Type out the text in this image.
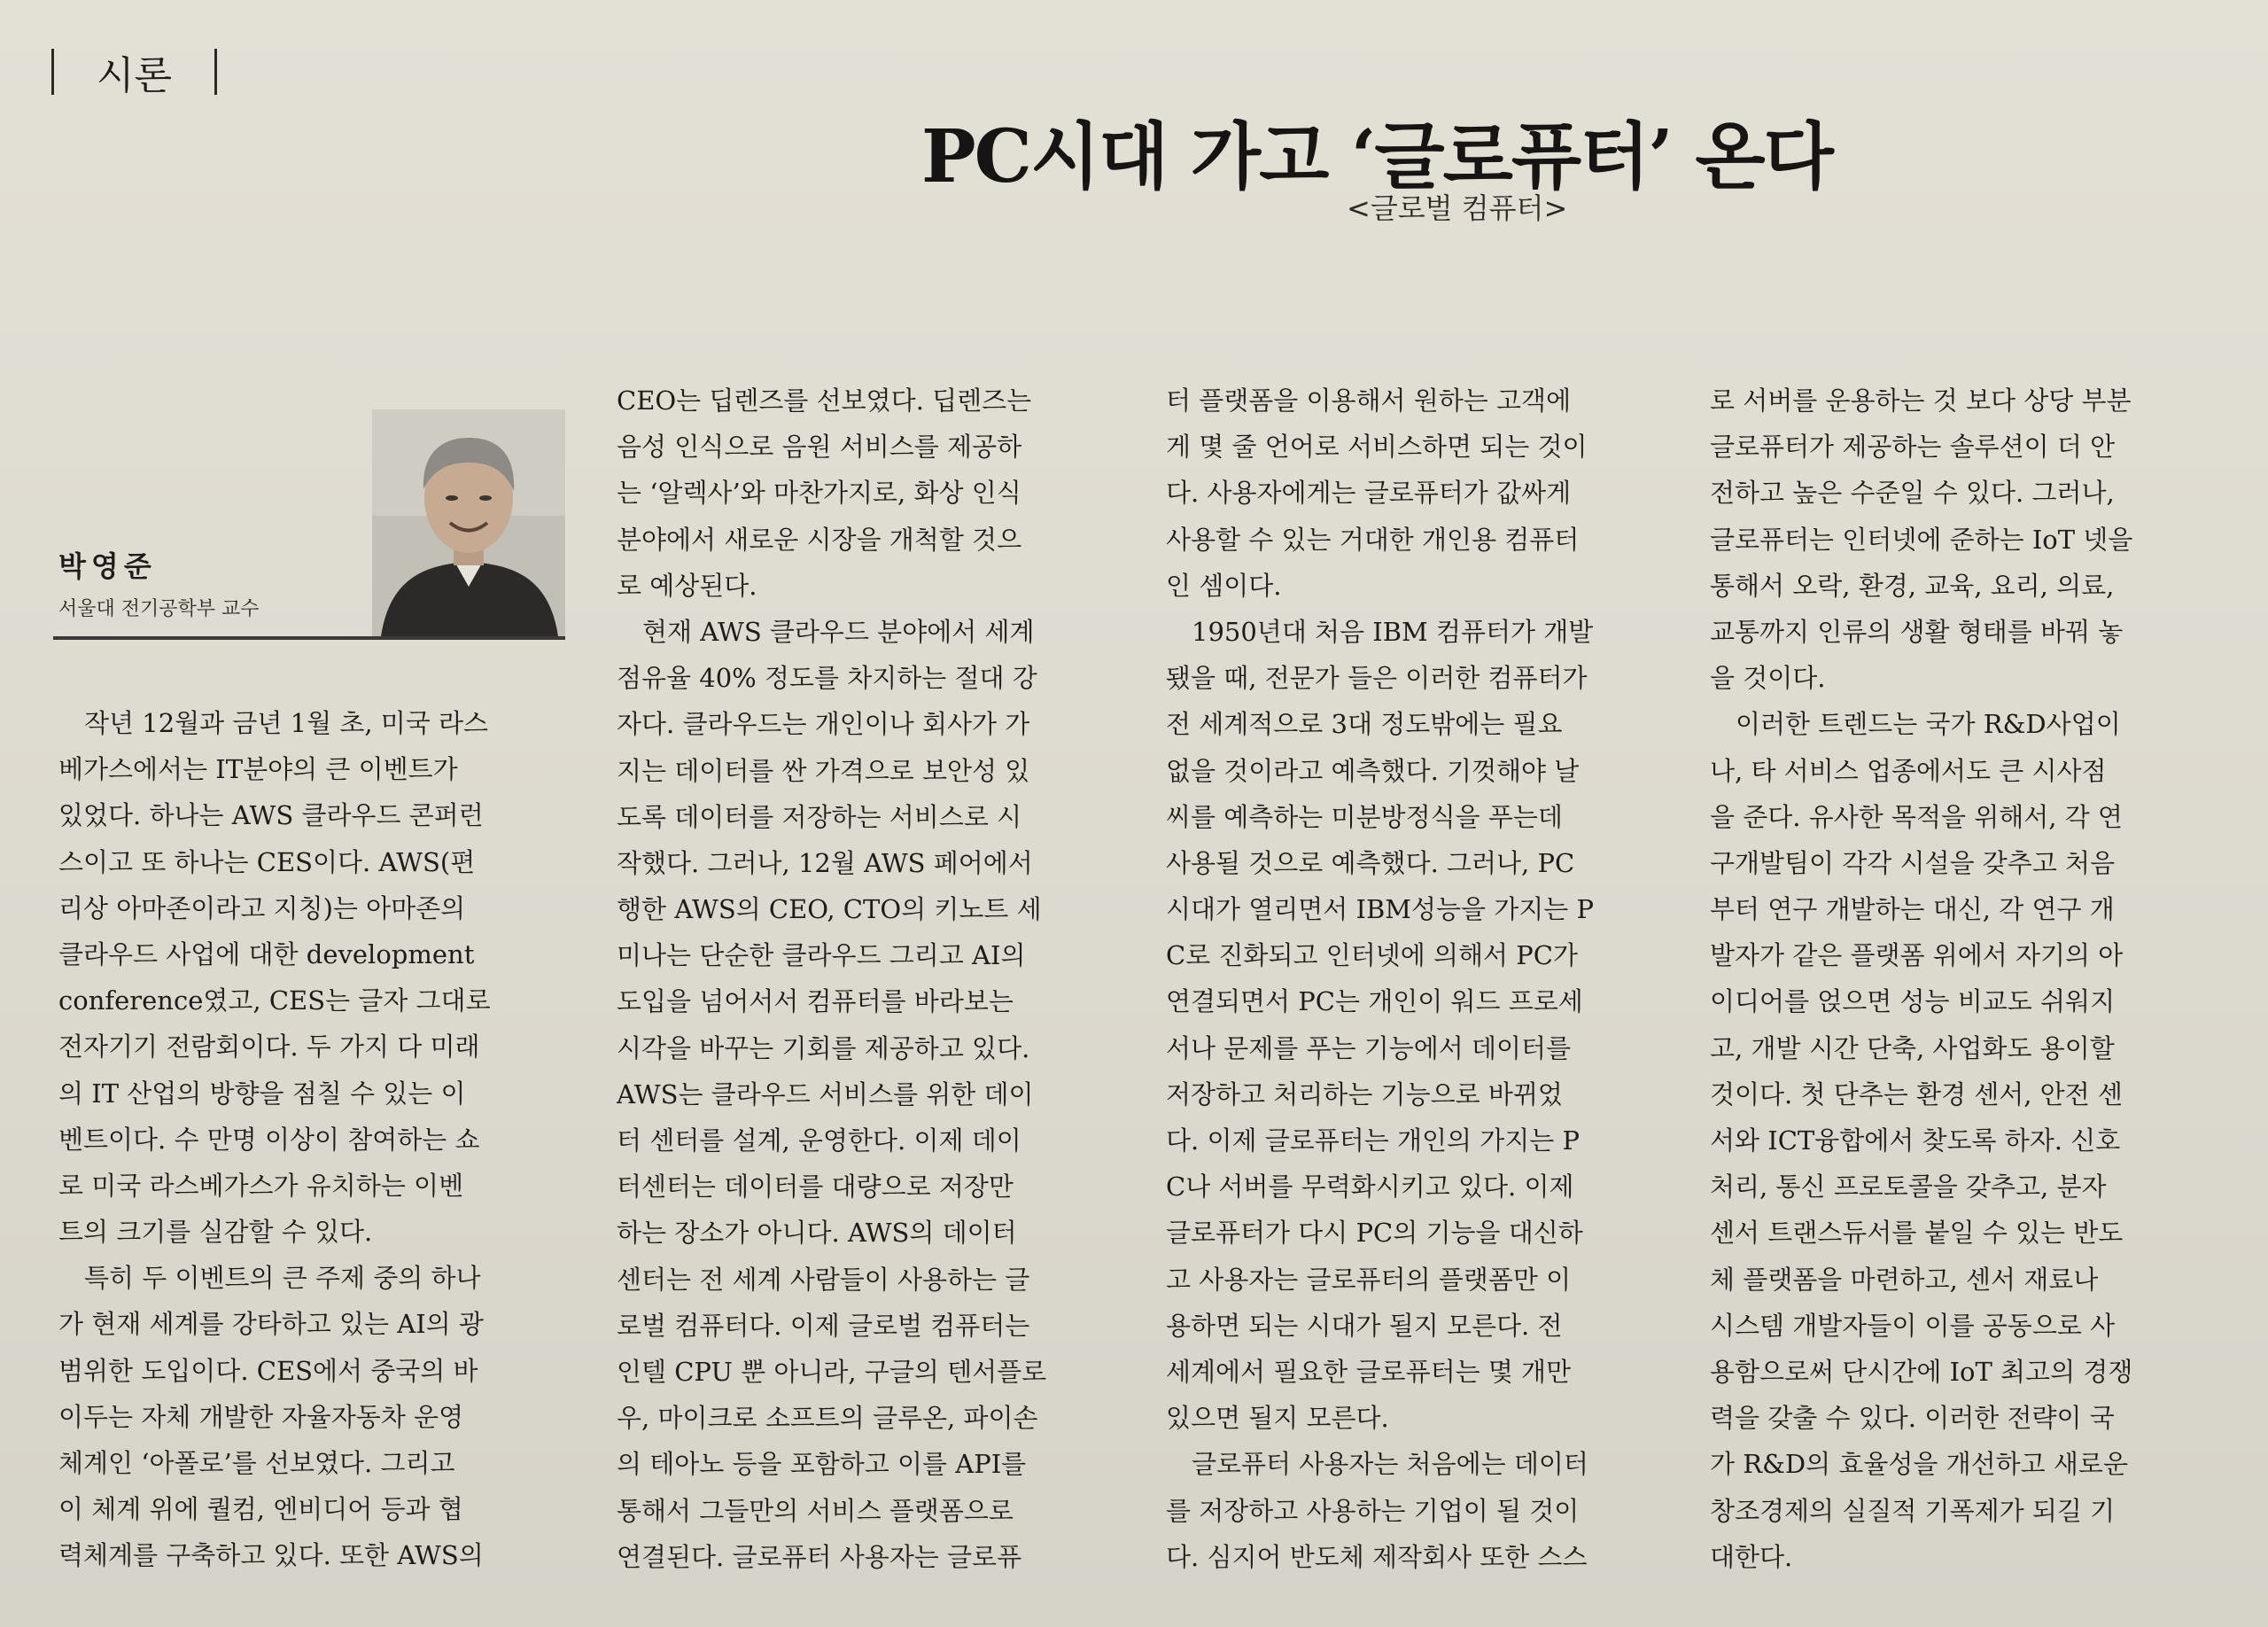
시론
PC시대 가고 ‘글로퓨터’ 온다
<글로벌 컴퓨터>
박영준
서울대 전기공학부 교수
　작년 12월과 금년 1월 초, 미국 라스
베가스에서는 IT분야의 큰 이벤트가
있었다. 하나는 AWS 클라우드 콘퍼런
스이고 또 하나는 CES이다. AWS(편
리상 아마존이라고 지칭)는 아마존의
클라우드 사업에 대한 development
conference였고, CES는 글자 그대로
전자기기 전람회이다. 두 가지 다 미래
의 IT 산업의 방향을 점칠 수 있는 이
벤트이다. 수 만명 이상이 참여하는 쇼
로 미국 라스베가스가 유치하는 이벤
트의 크기를 실감할 수 있다.
　특히 두 이벤트의 큰 주제 중의 하나
가 현재 세계를 강타하고 있는 AI의 광
범위한 도입이다. CES에서 중국의 바
이두는 자체 개발한 자율자동차 운영
체계인 ‘아폴로’를 선보였다. 그리고
이 체계 위에 퀄컴, 엔비디어 등과 협
력체계를 구축하고 있다. 또한 AWS의
CEO는 딥렌즈를 선보였다. 딥렌즈는
음성 인식으로 음원 서비스를 제공하
는 ‘알렉사’와 마찬가지로, 화상 인식
분야에서 새로운 시장을 개척할 것으
로 예상된다.
　현재 AWS 클라우드 분야에서 세계
점유율 40% 정도를 차지하는 절대 강
자다. 클라우드는 개인이나 회사가 가
지는 데이터를 싼 가격으로 보안성 있
도록 데이터를 저장하는 서비스로 시
작했다. 그러나, 12월 AWS 페어에서
행한 AWS의 CEO, CTO의 키노트 세
미나는 단순한 클라우드 그리고 AI의
도입을 넘어서서 컴퓨터를 바라보는
시각을 바꾸는 기회를 제공하고 있다.
AWS는 클라우드 서비스를 위한 데이
터 센터를 설계, 운영한다. 이제 데이
터센터는 데이터를 대량으로 저장만
하는 장소가 아니다. AWS의 데이터
센터는 전 세계 사람들이 사용하는 글
로벌 컴퓨터다. 이제 글로벌 컴퓨터는
인텔 CPU 뿐 아니라, 구글의 텐서플로
우, 마이크로 소프트의 글루온, 파이손
의 테아노 등을 포함하고 이를 API를
통해서 그들만의 서비스 플랫폼으로
연결된다. 글로퓨터 사용자는 글로퓨
터 플랫폼을 이용해서 원하는 고객에
게 몇 줄 언어로 서비스하면 되는 것이
다. 사용자에게는 글로퓨터가 값싸게
사용할 수 있는 거대한 개인용 컴퓨터
인 셈이다.
　1950년대 처음 IBM 컴퓨터가 개발
됐을 때, 전문가 들은 이러한 컴퓨터가
전 세계적으로 3대 정도밖에는 필요
없을 것이라고 예측했다. 기껏해야 날
씨를 예측하는 미분방정식을 푸는데
사용될 것으로 예측했다. 그러나, PC
시대가 열리면서 IBM성능을 가지는 P
C로 진화되고 인터넷에 의해서 PC가
연결되면서 PC는 개인이 워드 프로세
서나 문제를 푸는 기능에서 데이터를
저장하고 처리하는 기능으로 바뀌었
다. 이제 글로퓨터는 개인의 가지는 P
C나 서버를 무력화시키고 있다. 이제
글로퓨터가 다시 PC의 기능을 대신하
고 사용자는 글로퓨터의 플랫폼만 이
용하면 되는 시대가 될지 모른다. 전
세계에서 필요한 글로퓨터는 몇 개만
있으면 될지 모른다.
　글로퓨터 사용자는 처음에는 데이터
를 저장하고 사용하는 기업이 될 것이
다. 심지어 반도체 제작회사 또한 스스
로 서버를 운용하는 것 보다 상당 부분
글로퓨터가 제공하는 솔루션이 더 안
전하고 높은 수준일 수 있다. 그러나,
글로퓨터는 인터넷에 준하는 IoT 넷을
통해서 오락, 환경, 교육, 요리, 의료,
교통까지 인류의 생활 형태를 바꿔 놓
을 것이다.
　이러한 트렌드는 국가 R&D사업이
나, 타 서비스 업종에서도 큰 시사점
을 준다. 유사한 목적을 위해서, 각 연
구개발팀이 각각 시설을 갖추고 처음
부터 연구 개발하는 대신, 각 연구 개
발자가 같은 플랫폼 위에서 자기의 아
이디어를 얹으면 성능 비교도 쉬워지
고, 개발 시간 단축, 사업화도 용이할
것이다. 첫 단추는 환경 센서, 안전 센
서와 ICT융합에서 찾도록 하자. 신호
처리, 통신 프로토콜을 갖추고, 분자
센서 트랜스듀서를 붙일 수 있는 반도
체 플랫폼을 마련하고, 센서 재료나
시스템 개발자들이 이를 공동으로 사
용함으로써 단시간에 IoT 최고의 경쟁
력을 갖출 수 있다. 이러한 전략이 국
가 R&D의 효율성을 개선하고 새로운
창조경제의 실질적 기폭제가 되길 기
대한다.
